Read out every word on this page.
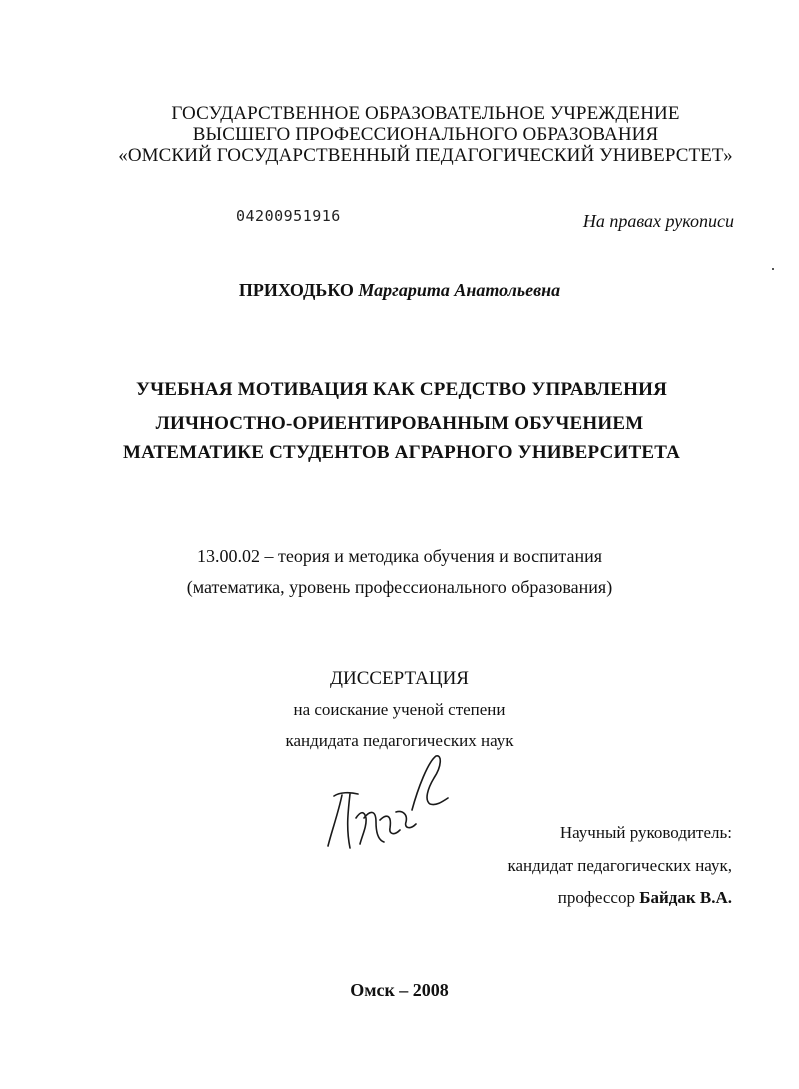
ГОСУДАРСТВЕННОЕ ОБРАЗОВАТЕЛЬНОЕ УЧРЕЖДЕНИЕ
ВЫСШЕГО ПРОФЕССИОНАЛЬНОГО ОБРАЗОВАНИЯ
«ОМСКИЙ ГОСУДАРСТВЕННЫЙ ПЕДАГОГИЧЕСКИЙ УНИВЕРСТЕТ»
04200951916	На правах рукописи
ПРИХОДЬКО Маргарита Анатольевна
УЧЕБНАЯ МОТИВАЦИЯ КАК СРЕДСТВО УПРАВЛЕНИЯ
ЛИЧНОСТНО-ОРИЕНТИРОВАННЫМ ОБУЧЕНИЕМ
МАТЕМАТИКЕ СТУДЕНТОВ АГРАРНОГО УНИВЕРСИТЕТА
13.00.02 – теория и методика обучения и воспитания
(математика, уровень профессионального образования)
ДИССЕРТАЦИЯ
на соискание ученой степени
кандидата педагогических наук
Научный руководитель:
кандидат педагогических наук,
профессор Байдак В.А.
Омск – 2008
